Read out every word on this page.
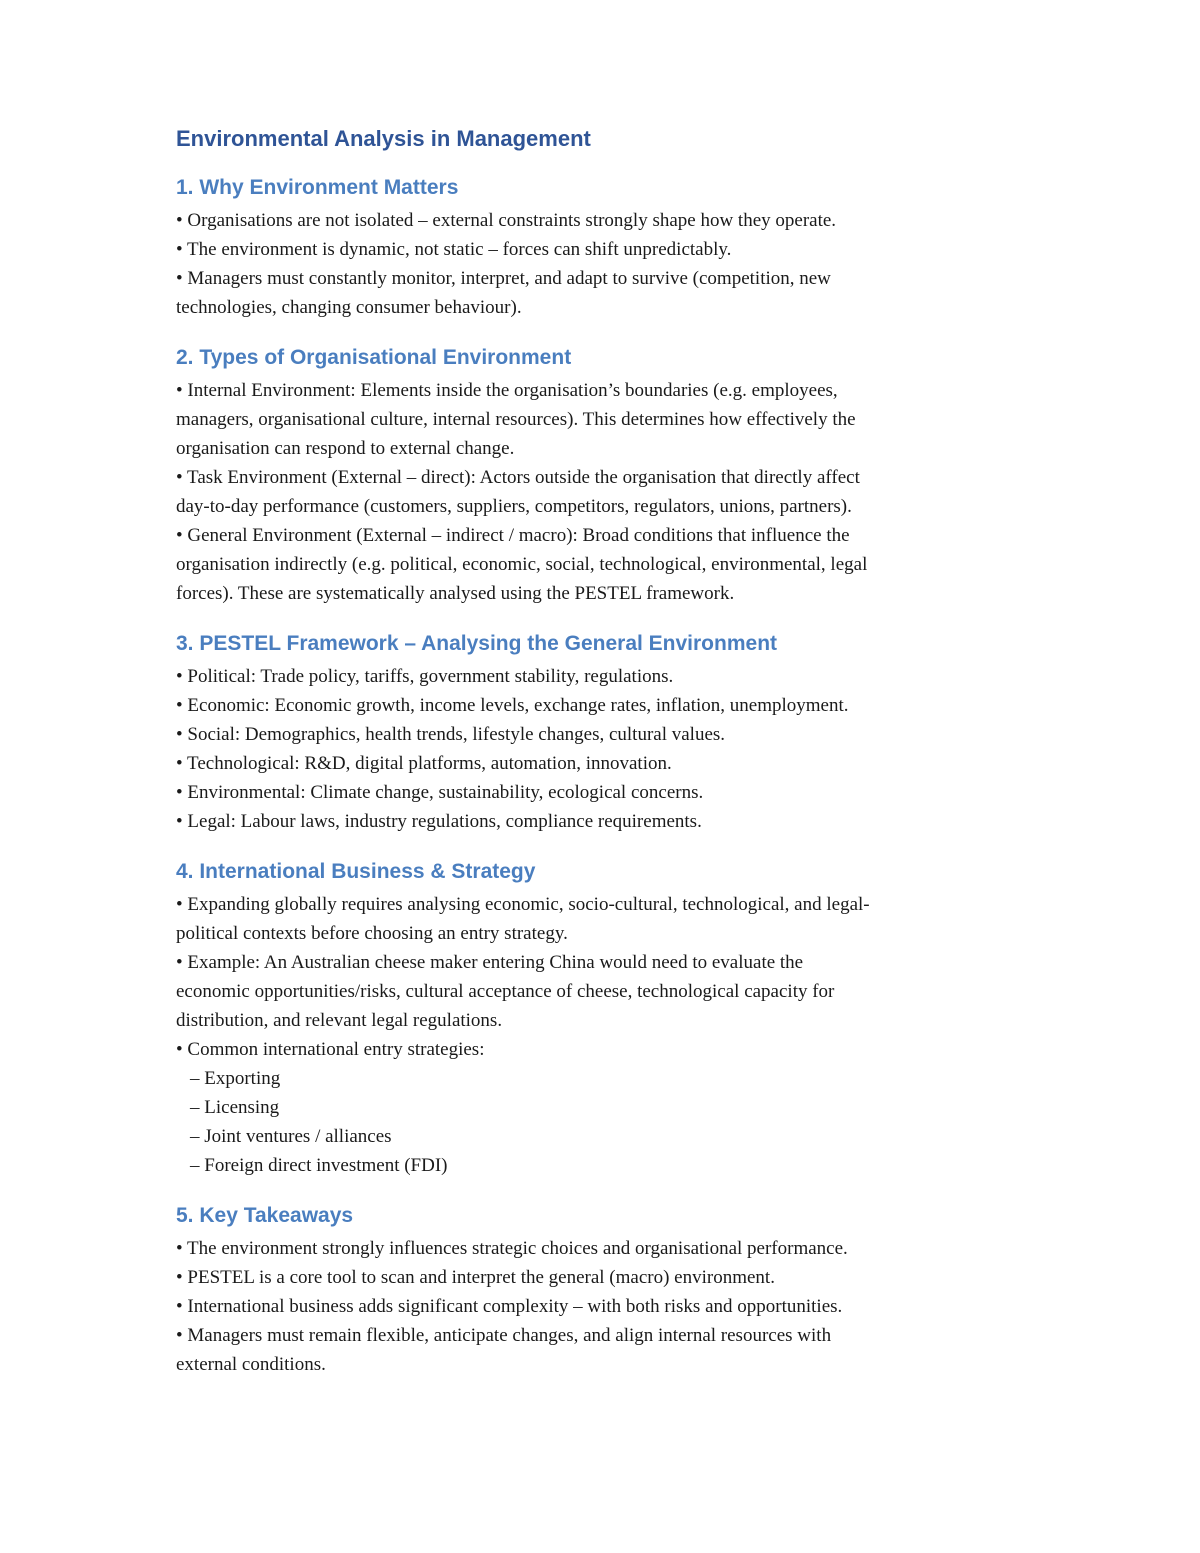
Environmental Analysis in Management
1. Why Environment Matters
• Organisations are not isolated – external constraints strongly shape how they operate.
• The environment is dynamic, not static – forces can shift unpredictably.
• Managers must constantly monitor, interpret, and adapt to survive (competition, new
technologies, changing consumer behaviour).
2. Types of Organisational Environment
• Internal Environment: Elements inside the organisation’s boundaries (e.g. employees,
managers, organisational culture, internal resources). This determines how effectively the
organisation can respond to external change.
• Task Environment (External – direct): Actors outside the organisation that directly affect
day-to-day performance (customers, suppliers, competitors, regulators, unions, partners).
• General Environment (External – indirect / macro): Broad conditions that influence the
organisation indirectly (e.g. political, economic, social, technological, environmental, legal
forces). These are systematically analysed using the PESTEL framework.
3. PESTEL Framework – Analysing the General Environment
• Political: Trade policy, tariffs, government stability, regulations.
• Economic: Economic growth, income levels, exchange rates, inflation, unemployment.
• Social: Demographics, health trends, lifestyle changes, cultural values.
• Technological: R&D, digital platforms, automation, innovation.
• Environmental: Climate change, sustainability, ecological concerns.
• Legal: Labour laws, industry regulations, compliance requirements.
4. International Business & Strategy
• Expanding globally requires analysing economic, socio-cultural, technological, and legal-
political contexts before choosing an entry strategy.
• Example: An Australian cheese maker entering China would need to evaluate the
economic opportunities/risks, cultural acceptance of cheese, technological capacity for
distribution, and relevant legal regulations.
• Common international entry strategies:
– Exporting
– Licensing
– Joint ventures / alliances
– Foreign direct investment (FDI)
5. Key Takeaways
• The environment strongly influences strategic choices and organisational performance.
• PESTEL is a core tool to scan and interpret the general (macro) environment.
• International business adds significant complexity – with both risks and opportunities.
• Managers must remain flexible, anticipate changes, and align internal resources with
external conditions.
